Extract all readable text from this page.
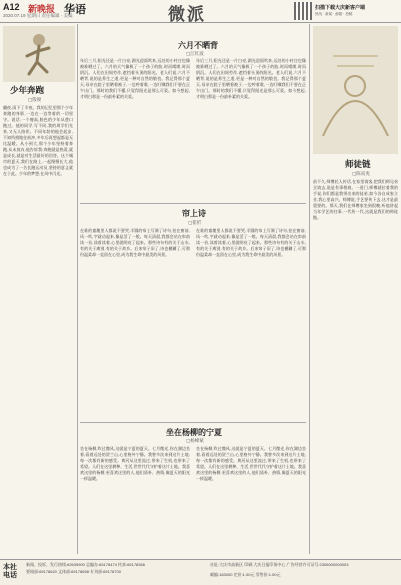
A12 新晚报 华语
2020.07.19 星期日 责任编辑 · 美编	微派	扫描下载大庆新客户端
热线 · 新闻 · 邮箱 · 投稿
少年奔跑
□殷俊
翻夜,雨下了半夜。我的记忆里那个少年奔跑的身影,一边在一边等着的一切坚守。说话,一个瘦高,脸色的少年从巷口跑过。他的同学,写不同,我的周学们先来,又无人陪伴。不同年龄的他会起步,不知所措地往前冲,多年后再想起都是无比温暖。从小到大,那个少年坚持着奔跑,从未放弃,他告诉我:奔跑就是热爱,就是成长,就是对生活最好的回答。这个城市的夏天,我们在路上,一起慢慢长大,他也成为了一名长跑运动员,坚持的意义就在于此。少年的梦想,在风中闪光。
六月不晒背
□江红波
年后三月,阳光还是一片白亮,湖光迎面吹来,远处的小村庄也像被谁晒过了。六月的天气像极了一个孩子的脸,时而晴朗,时而阴沉。人们在田间劳作,遮挡着头顶的阳光。老人们说,六月不晒背,说的是养生之道,更是一种对自然的敬畏。我记得那个夏天,母亲在院子里晒着被子,一边哼着歌,一边叮嘱我们不要在正午出门。那时的我们不懂,只觉得阳光是那么可爱。如今想起,才明白那是一份最朴素的关爱。
年后三月,阳光还是一片白亮,湖光迎面吹来,远处的小村庄也像被谁晒过了。六月的天气像极了一个孩子的脸,时而晴朗,时而阴沉。人们在田间劳作,遮挡着头顶的阳光。老人们说,六月不晒背,说的是养生之道,更是一种对自然的敬畏。我记得那个夏天,母亲在院子里晒着被子,一边哼着歌,一边叮嘱我们不要在正午出门。那时的我们不懂,只觉得阳光是那么可爱。如今想起,才明白那是一份最朴素的关爱。
帘上诗
□崔忻
在谁的童趣里人都说不要哭,半圆的帘上写满了诗句,挂在窗前,风一吹,字就动起来,像是活了一般。每天清晨,我都会站在帘前读一首,读着读着,心里就明亮了起来。那些诗句有的关于山水,有的关于离别,有的关于故乡。后来帘子旧了,诗也模糊了,可那份温柔却一直留在心里,成为我生命中最美的风景。
在谁的童趣里人都说不要哭,半圆的帘上写满了诗句,挂在窗前,风一吹,字就动起来,像是活了一般。每天清晨,我都会站在帘前读一首,读着读着,心里就明亮了起来。那些诗句有的关于山水,有的关于离别,有的关于故乡。后来帘子旧了,诗也模糊了,可那份温柔却一直留在心里,成为我生命中最美的风景。
坐在杨柳的宁夏
□杨峰斌
坐在杨柳,吹过微风,这就是宁夏的夏天。七月微光,你在湖边坐着,看着远处的贺兰山,心里格外宁静。我曾多次来到这片土地,每一次都有新的感受。黄河从这里流过,带来了生机,也带来了希望。人们在这里耕种、生活,世世代代守护着这片土地。我喜欢这里的杨柳,更喜欢这里的人,他们质朴、热情,像夏天的阳光一样温暖。
坐在杨柳,吹过微风,这就是宁夏的夏天。七月微光,你在湖边坐着,看着远处的贺兰山,心里格外宁静。我曾多次来到这片土地,每一次都有新的感受。黄河从这里流过,带来了生机,也带来了希望。人们在这里耕种、生活,世世代代守护着这片土地。我喜欢这里的杨柳,更喜欢这里的人,他们质朴、热情,像夏天的阳光一样温暖。
师徒链
□陈寅夷
前不久,师傅托人传话,在家里请客,把我们师兄弟全请去,说是有事相商。一进门,师傅就拉着我的手说,你们都是我带出来的徒弟,如今各自成家立业,我心里高兴。师傅说,手艺要传下去,这才是最重要的。那天,我们在师傅家坐到很晚,听他讲起当年学艺的往事,一代传一代,这就是我们的师徒链。
本社电话
新闻、投诉、发行热线:62639900 总编办:65178474 传真:65178366
要闻部:65178620 文体部:65178658 专刊部:65178700
社址:大庆市高新区 印刷:大庆日报印务中心 广告经营许可证号:2306000000003
邮编:163000 定价:1.00元 零售价:1.00元
